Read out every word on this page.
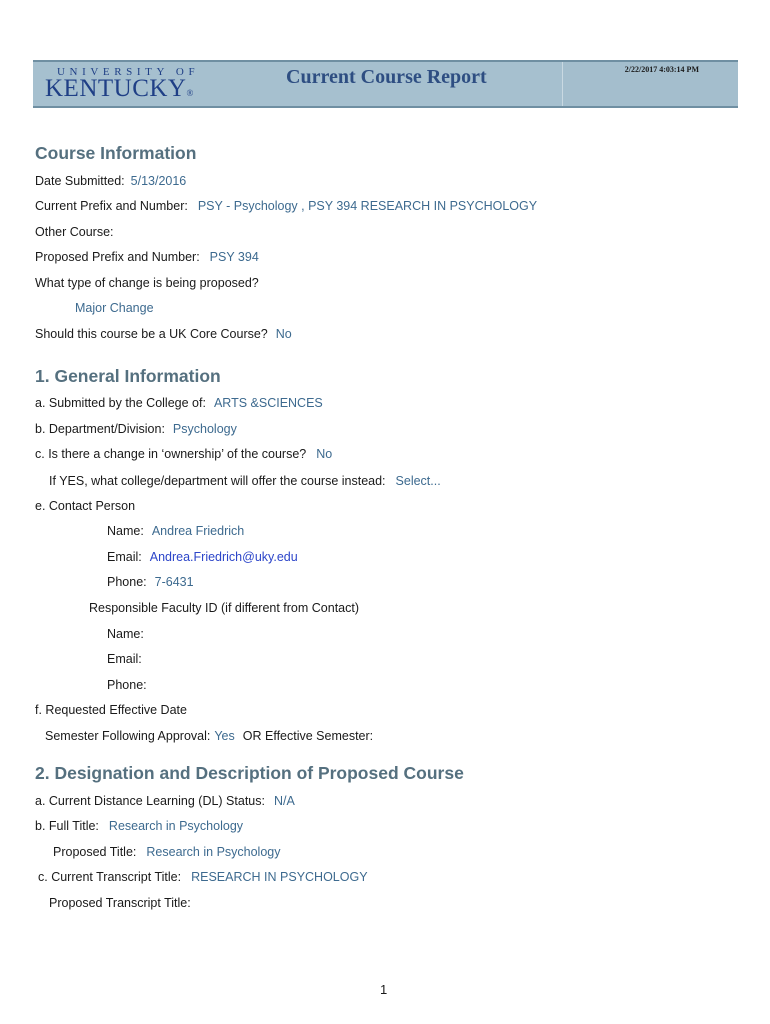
UNIVERSITY OF
KENTUCKY®
Current Course Report	2/22/2017 4:03:14 PM
Course Information
Date Submitted: 5/13/2016
Current Prefix and Number: PSY - Psychology , PSY 394 RESEARCH IN PSYCHOLOGY
Other Course:
Proposed Prefix and Number: PSY 394
What type of change is being proposed?
Major Change
Should this course be a UK Core Course? No
1. General Information
a. Submitted by the College of: ARTS &SCIENCES
b. Department/Division: Psychology
c. Is there a change in ‘ownership’ of the course? No
If YES, what college/department will offer the course instead: Select...
e. Contact Person
Name: Andrea Friedrich
Email: Andrea.Friedrich@uky.edu
Phone: 7-6431
Responsible Faculty ID (if different from Contact)
Name:
Email:
Phone:
f. Requested Effective Date
Semester Following Approval: Yes OR Effective Semester:
2. Designation and Description of Proposed Course
a. Current Distance Learning (DL) Status: N/A
b. Full Title: Research in Psychology
Proposed Title: Research in Psychology
c. Current Transcript Title: RESEARCH IN PSYCHOLOGY
Proposed Transcript Title:
1
